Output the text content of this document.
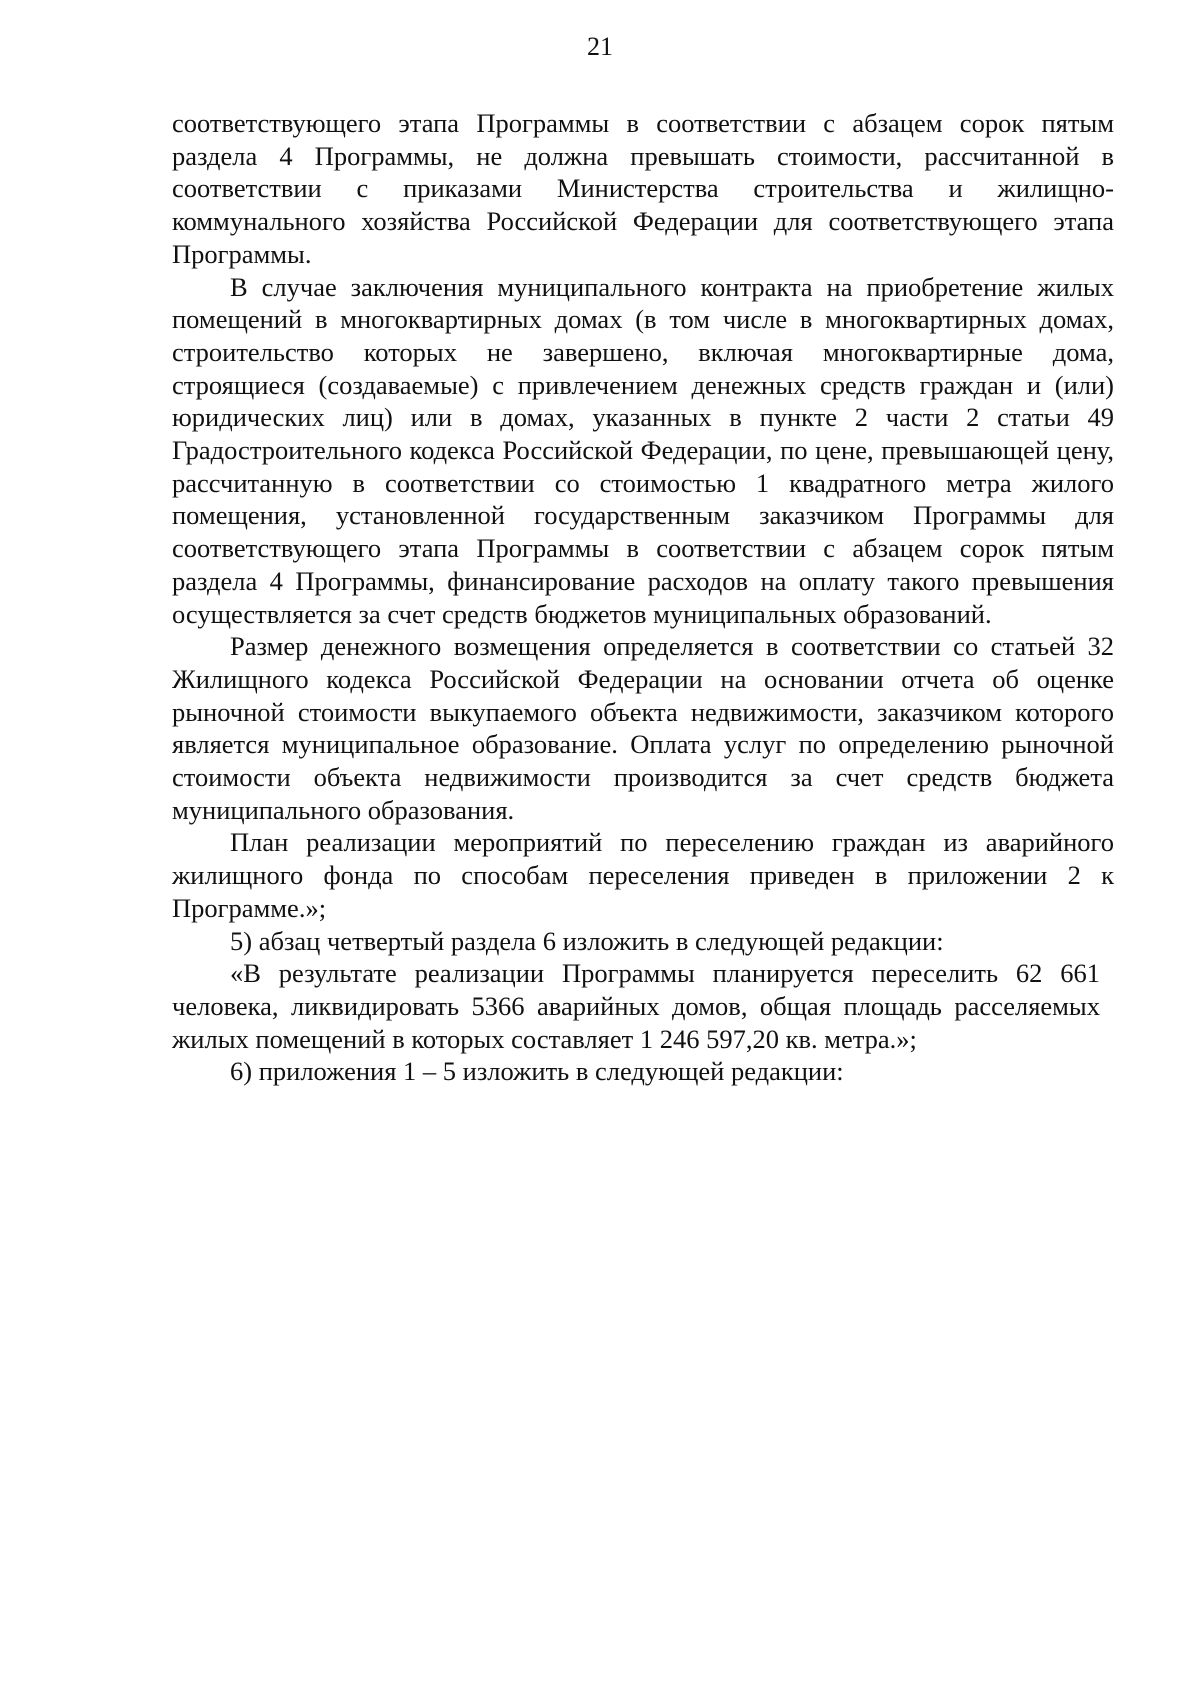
21

соответствующего этапа Программы в соответствии с абзацем сорок пятым раздела 4 Программы, не должна превышать стоимости, рассчитанной в соответствии с приказами Министерства строительства и жилищно-коммунального хозяйства Российской Федерации для соответствующего этапа Программы.

В случае заключения муниципального контракта на приобретение жилых помещений в многоквартирных домах (в том числе в многоквартирных домах, строительство которых не завершено, включая многоквартирные дома, строящиеся (создаваемые) с привлечением денежных средств граждан и (или) юридических лиц) или в домах, указанных в пункте 2 части 2 статьи 49 Градостроительного кодекса Российской Федерации, по цене, превышающей цену, рассчитанную в соответствии со стоимостью 1 квадратного метра жилого помещения, установленной государственным заказчиком Программы для соответствующего этапа Программы в соответствии с абзацем сорок пятым раздела 4 Программы, финансирование расходов на оплату такого превышения осуществляется за счет средств бюджетов муниципальных образований.

Размер денежного возмещения определяется в соответствии со статьей 32 Жилищного кодекса Российской Федерации на основании отчета об оценке рыночной стоимости выкупаемого объекта недвижимости, заказчиком которого является муниципальное образование. Оплата услуг по определению рыночной стоимости объекта недвижимости производится за счет средств бюджета муниципального образования.

План реализации мероприятий по переселению граждан из аварийного жилищного фонда по способам переселения приведен в приложении 2 к Программе.»;

5) абзац четвертый раздела 6 изложить в следующей редакции:

«В результате реализации Программы планируется переселить 62 661 человека, ликвидировать 5366 аварийных домов, общая площадь расселяемых жилых помещений в которых составляет 1 246 597,20 кв. метра.»;

6) приложения 1 – 5 изложить в следующей редакции:
